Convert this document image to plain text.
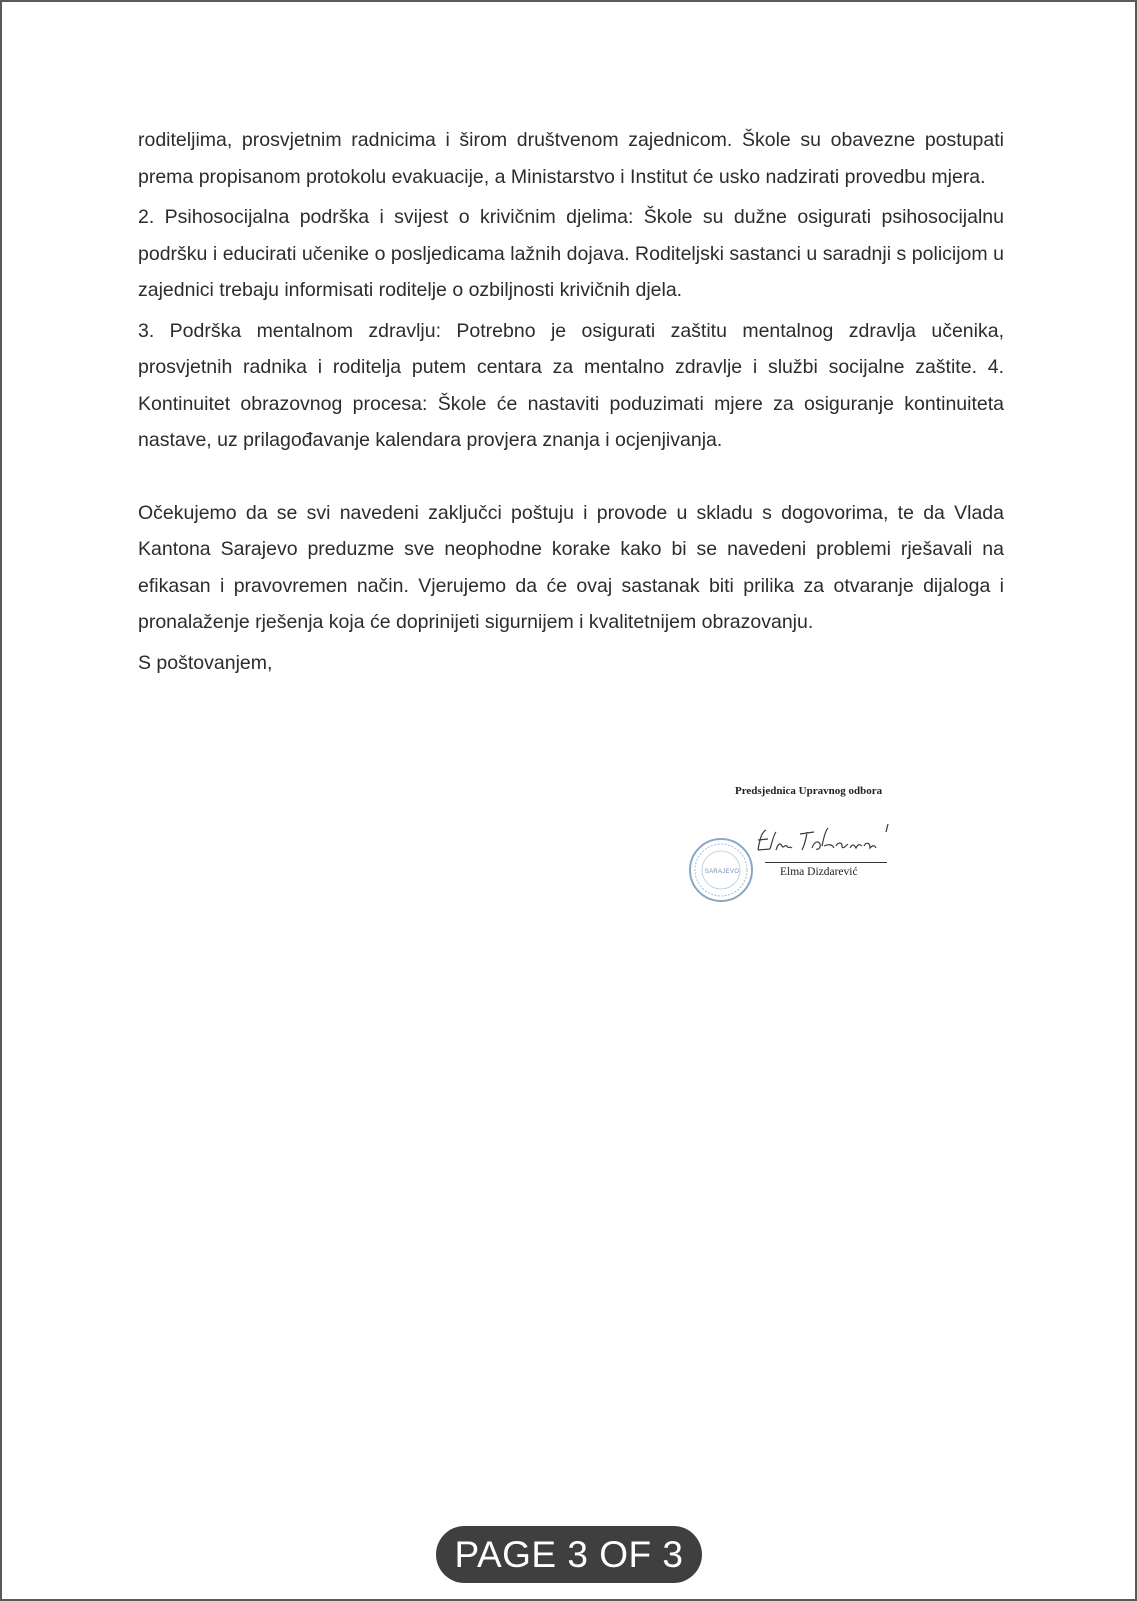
roditeljima, prosvjetnim radnicima i širom društvenom zajednicom. Škole su obavezne postupati prema propisanom protokolu evakuacije, a Ministarstvo i Institut će usko nadzirati provedbu mjera.

2. Psihosocijalna podrška i svijest o krivičnim djelima: Škole su dužne osigurati psihosocijalnu podršku i educirati učenike o posljedicama lažnih dojava. Roditeljski sastanci u saradnji s policijom u zajednici trebaju informisati roditelje o ozbiljnosti krivičnih djela.

3. Podrška mentalnom zdravlju: Potrebno je osigurati zaštitu mentalnog zdravlja učenika, prosvjetnih radnika i roditelja putem centara za mentalno zdravlje i službi socijalne zaštite. 4. Kontinuitet obrazovnog procesa: Škole će nastaviti poduzimati mjere za osiguranje kontinuiteta nastave, uz prilagođavanje kalendara provjera znanja i ocjenjivanja.

Očekujemo da se svi navedeni zaključci poštuju i provode u skladu s dogovorima, te da Vlada Kantona Sarajevo preduzme sve neophodne korake kako bi se navedeni problemi rješavali na efikasan i pravovremen način. Vjerujemo da će ovaj sastanak biti prilika za otvaranje dijaloga i pronalaženje rješenja koja će doprinijeti sigurnijem i kvalitetnijem obrazovanju.

S poštovanjem,

Predsjednica Upravnog odbora
SARAJEVO	Elma Dizdarević
PAGE 3 OF 3
